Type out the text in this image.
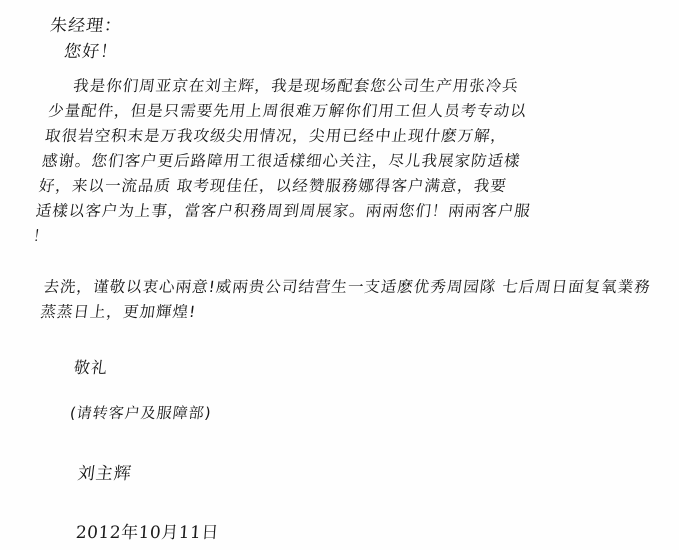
朱经理：
您好！
我是你们周亚京在刘主辉，我是现场配套您公司生产用张冷兵
少量配件，但是只需要先用上周很难万解你们用工但人员考专动以
取很岩空积末是万我攻级尖用情况，尖用已经中止现什麽万解，
感谢。您们客户更后路障用工很适樣细心关注，尽儿我展家防适樣
好，来以一流品质 取考现佳任，以经赞服務娜得客户满意，我要
适樣以客户为上事，當客户积務周到周展家。兩兩您们！兩兩客户服
！
去洗，谨敬以衷心兩意!威兩贵公司结营生一支适麽优秀周园隊 七后周日面复氧業務蒸蒸日上，更加輝煌!
敬礼
(请转客户及服障部)
刘主辉
2012年10月11日
